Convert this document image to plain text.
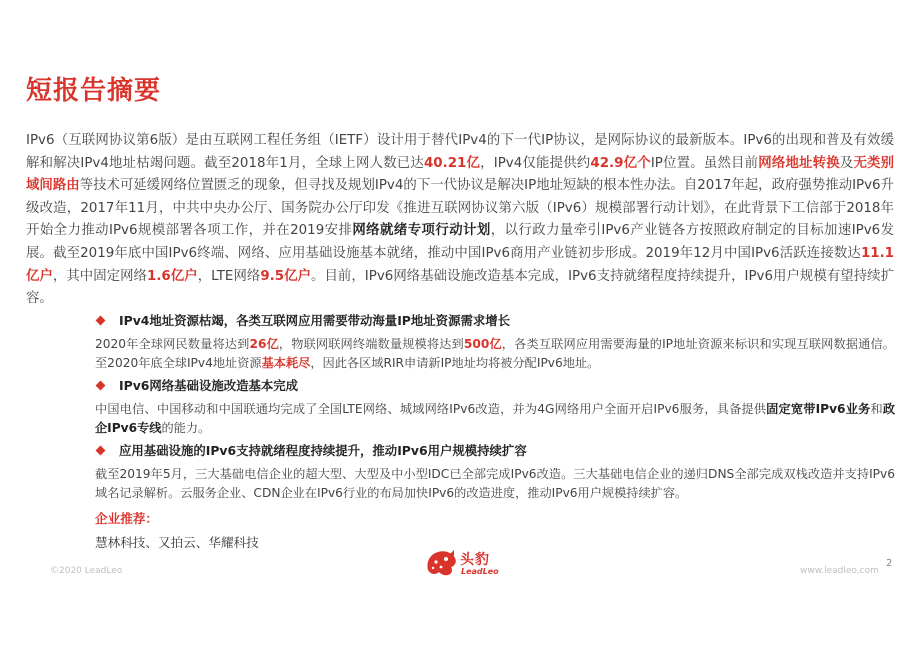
短报告摘要
IPv6（互联网协议第6版）是由互联网工程任务组（IETF）设计用于替代IPv4的下一代IP协议，是网际协议的最新版本。IPv6的出现和普及有效缓解和解决IPv4地址枯竭问题。截至2018年1月，全球上网人数已达40.21亿，IPv4仅能提供约42.9亿个IP位置。虽然目前网络地址转换及无类别域间路由等技术可延缓网络位置匮乏的现象，但寻找及规划IPv4的下一代协议是解决IP地址短缺的根本性办法。自2017年起，政府强势推动IPv6升级改造，2017年11月，中共中央办公厅、国务院办公厅印发《推进互联网协议第六版（IPv6）规模部署行动计划》，在此背景下工信部于2018年开始全力推动IPv6规模部署各项工作，并在2019安排网络就绪专项行动计划，以行政力量牵引IPv6产业链各方按照政府制定的目标加速IPv6发展。截至2019年底中国IPv6终端、网络、应用基础设施基本就绪，推动中国IPv6商用产业链初步形成。2019年12月中国IPv6活跃连接数达11.1亿户，其中固定网络1.6亿户，LTE网络9.5亿户。目前，IPv6网络基础设施改造基本完成，IPv6支持就绪程度持续提升，IPv6用户规模有望持续扩容。
IPv4地址资源枯竭，各类互联网应用需要带动海量IP地址资源需求增长
2020年全球网民数量将达到26亿，物联网联网终端数量规模将达到500亿，各类互联网应用需要海量的IP地址资源来标识和实现互联网数据通信。至2020年底全球IPv4地址资源基本耗尽，因此各区域RIR申请新IP地址均将被分配IPv6地址。
IPv6网络基础设施改造基本完成
中国电信、中国移动和中国联通均完成了全国LTE网络、城域网络IPv6改造，并为4G网络用户全面开启IPv6服务，具备提供固定宽带IPv6业务和政企IPv6专线的能力。
应用基础设施的IPv6支持就绪程度持续提升，推动IPv6用户规模持续扩容
截至2019年5月，三大基础电信企业的超大型、大型及中小型IDC已全部完成IPv6改造。三大基础电信企业的递归DNS全部完成双栈改造并支持IPv6域名记录解析。云服务企业、CDN企业在IPv6行业的布局加快IPv6的改造进度，推动IPv6用户规模持续扩容。
企业推荐：
慧林科技、又拍云、华耀科技
©2020 LeadLeo
头豹
LeadLeo	www.leadleo.com
2
